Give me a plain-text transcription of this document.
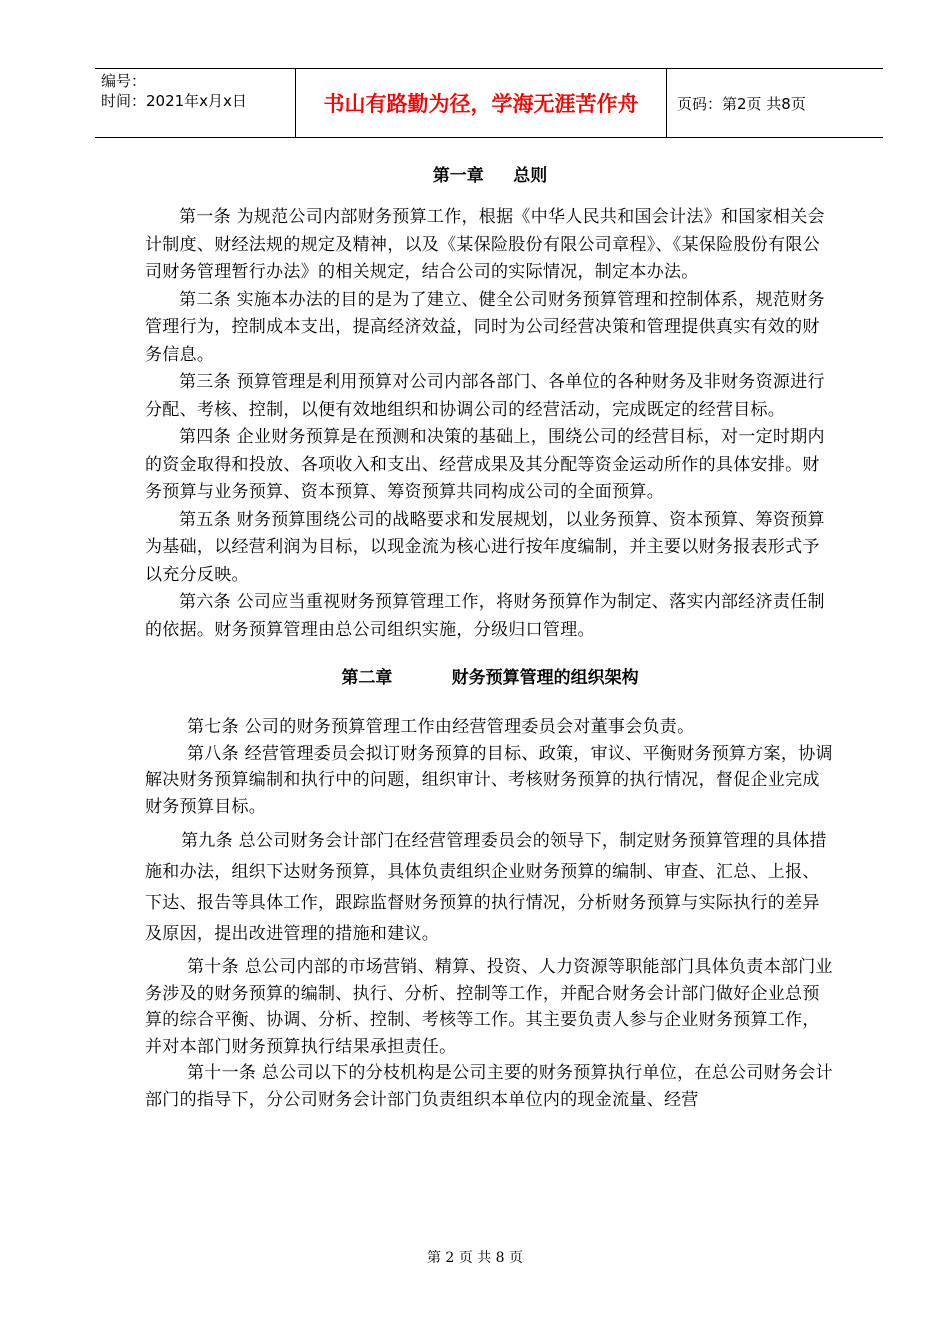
编号：
时间：2021年x月x日	书山有路勤为径，学海无涯苦作舟	页码：第2页 共8页
第一章     总则

第一条 为规范公司内部财务预算工作，根据《中华人民共和国会计法》和国家相关会计制度、财经法规的规定及精神，以及《某保险股份有限公司章程》、《某保险股份有限公司财务管理暂行办法》的相关规定，结合公司的实际情况，制定本办法。

第二条 实施本办法的目的是为了建立、健全公司财务预算管理和控制体系，规范财务管理行为，控制成本支出，提高经济效益，同时为公司经营决策和管理提供真实有效的财务信息。

第三条 预算管理是利用预算对公司内部各部门、各单位的各种财务及非财务资源进行分配、考核、控制，以便有效地组织和协调公司的经营活动，完成既定的经营目标。

第四条 企业财务预算是在预测和决策的基础上，围绕公司的经营目标，对一定时期内的资金取得和投放、各项收入和支出、经营成果及其分配等资金运动所作的具体安排。财务预算与业务预算、资本预算、筹资预算共同构成公司的全面预算。

第五条 财务预算围绕公司的战略要求和发展规划，以业务预算、资本预算、筹资预算为基础，以经营利润为目标，以现金流为核心进行按年度编制，并主要以财务报表形式予以充分反映。

第六条 公司应当重视财务预算管理工作，将财务预算作为制定、落实内部经济责任制的依据。财务预算管理由总公司组织实施，分级归口管理。

第二章          财务预算管理的组织架构

第七条 公司的财务预算管理工作由经营管理委员会对董事会负责。

第八条 经营管理委员会拟订财务预算的目标、政策，审议、平衡财务预算方案，协调解决财务预算编制和执行中的问题，组织审计、考核财务预算的执行情况，督促企业完成财务预算目标。

第九条 总公司财务会计部门在经营管理委员会的领导下，制定财务预算管理的具体措施和办法，组织下达财务预算，具体负责组织企业财务预算的编制、审查、汇总、上报、下达、报告等具体工作，跟踪监督财务预算的执行情况，分析财务预算与实际执行的差异及原因，提出改进管理的措施和建议。

第十条 总公司内部的市场营销、精算、投资、人力资源等职能部门具体负责本部门业务涉及的财务预算的编制、执行、分析、控制等工作，并配合财务会计部门做好企业总预算的综合平衡、协调、分析、控制、考核等工作。其主要负责人参与企业财务预算工作，并对本部门财务预算执行结果承担责任。

第十一条 总公司以下的分枝机构是公司主要的财务预算执行单位，在总公司财务会计部门的指导下，分公司财务会计部门负责组织本单位内的现金流量、经营

第 2 页 共 8 页
